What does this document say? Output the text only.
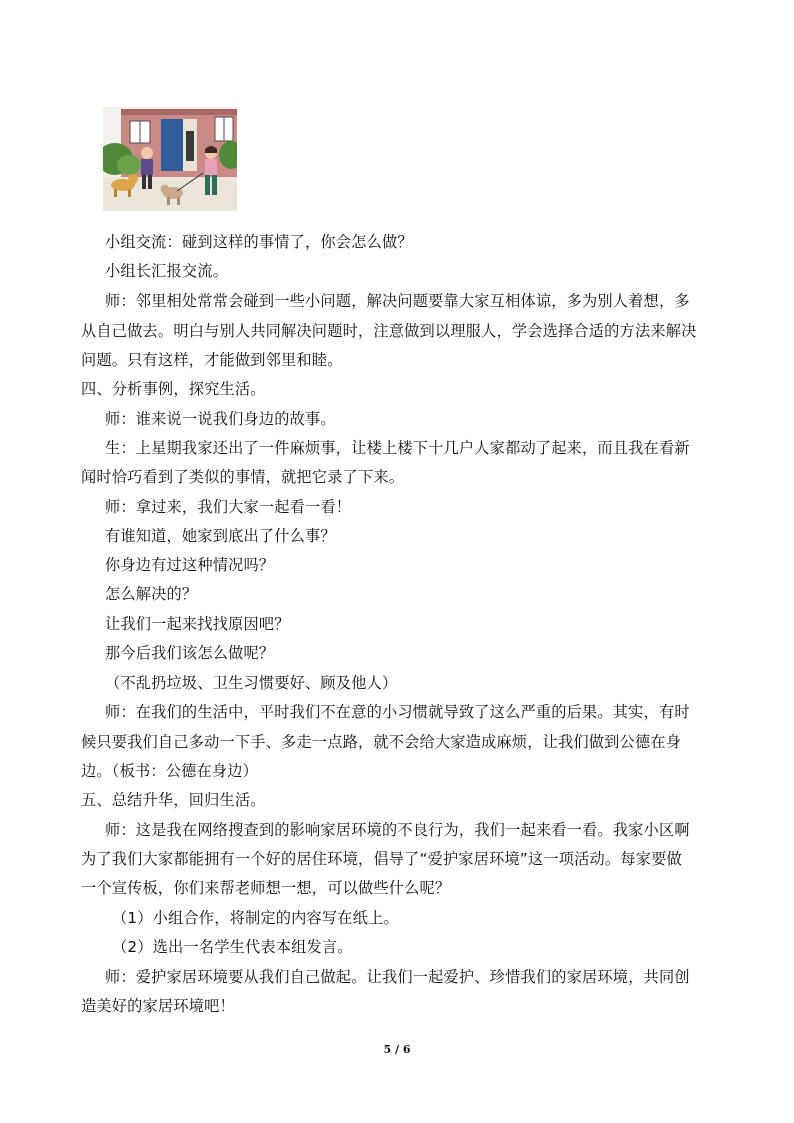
小组交流：碰到这样的事情了，你会怎么做？
小组长汇报交流。
师：邻里相处常常会碰到一些小问题，解决问题要靠大家互相体谅，多为别人着想，多
从自己做去。明白与别人共同解决问题时，注意做到以理服人，学会选择合适的方法来解决
问题。只有这样，才能做到邻里和睦。
四、分析事例，探究生活。
师：谁来说一说我们身边的故事。
生：上星期我家还出了一件麻烦事，让楼上楼下十几户人家都动了起来，而且我在看新
闻时恰巧看到了类似的事情，就把它录了下来。
师：拿过来，我们大家一起看一看！
有谁知道，她家到底出了什么事？
你身边有过这种情况吗？
怎么解决的？
让我们一起来找找原因吧？
那今后我们该怎么做呢？
（不乱扔垃圾、卫生习惯要好、顾及他人）
师：在我们的生活中，平时我们不在意的小习惯就导致了这么严重的后果。其实，有时
候只要我们自己多动一下手、多走一点路，就不会给大家造成麻烦，让我们做到公德在身
边。（板书：公德在身边）
五、总结升华，回归生活。
师：这是我在网络搜查到的影响家居环境的不良行为，我们一起来看一看。我家小区啊
为了我们大家都能拥有一个好的居住环境，倡导了“爱护家居环境”这一项活动。每家要做
一个宣传板，你们来帮老师想一想，可以做些什么呢？
（1）小组合作，将制定的内容写在纸上。
（2）选出一名学生代表本组发言。
师：爱护家居环境要从我们自己做起。让我们一起爱护、珍惜我们的家居环境，共同创
造美好的家居环境吧！
5 / 6
